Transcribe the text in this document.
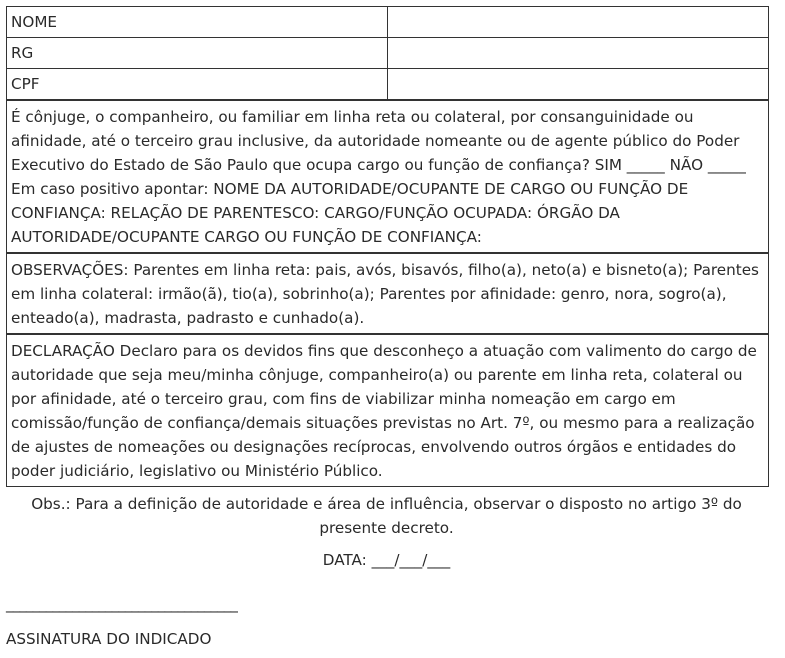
NOME	
RG	
CPF	
É cônjuge, o companheiro, ou familiar em linha reta ou colateral, por consanguinidade ou afinidade, até o terceiro grau inclusive, da autoridade nomeante ou de agente público do Poder Executivo do Estado de São Paulo que ocupa cargo ou função de confiança? SIM _____ NÃO _____ Em caso positivo apontar: NOME DA AUTORIDADE/OCUPANTE DE CARGO OU FUNÇÃO DE CONFIANÇA: RELAÇÃO DE PARENTESCO: CARGO/FUNÇÃO OCUPADA: ÓRGÃO DA AUTORIDADE/OCUPANTE CARGO OU FUNÇÃO DE CONFIANÇA:	
OBSERVAÇÕES: Parentes em linha reta: pais, avós, bisavós, filho(a), neto(a) e bisneto(a); Parentes em linha colateral: irmão(ã), tio(a), sobrinho(a); Parentes por afinidade: genro, nora, sogro(a), enteado(a), madrasta, padrasto e cunhado(a).	
DECLARAÇÃO Declaro para os devidos fins que desconheço a atuação com valimento do cargo de autoridade que seja meu/minha cônjuge, companheiro(a) ou parente em linha reta, colateral ou por afinidade, até o terceiro grau, com fins de viabilizar minha nomeação em cargo em comissão/função de confiança/demais situações previstas no Art. 7º, ou mesmo para a realização de ajustes de nomeações ou designações recíprocas, envolvendo outros órgãos e entidades do poder judiciário, legislativo ou Ministério Público.	
Obs.: Para a definição de autoridade e área de influência, observar o disposto no artigo 3º do presente decreto.
DATA: ___/___/___
___________________________________
ASSINATURA DO INDICADO
